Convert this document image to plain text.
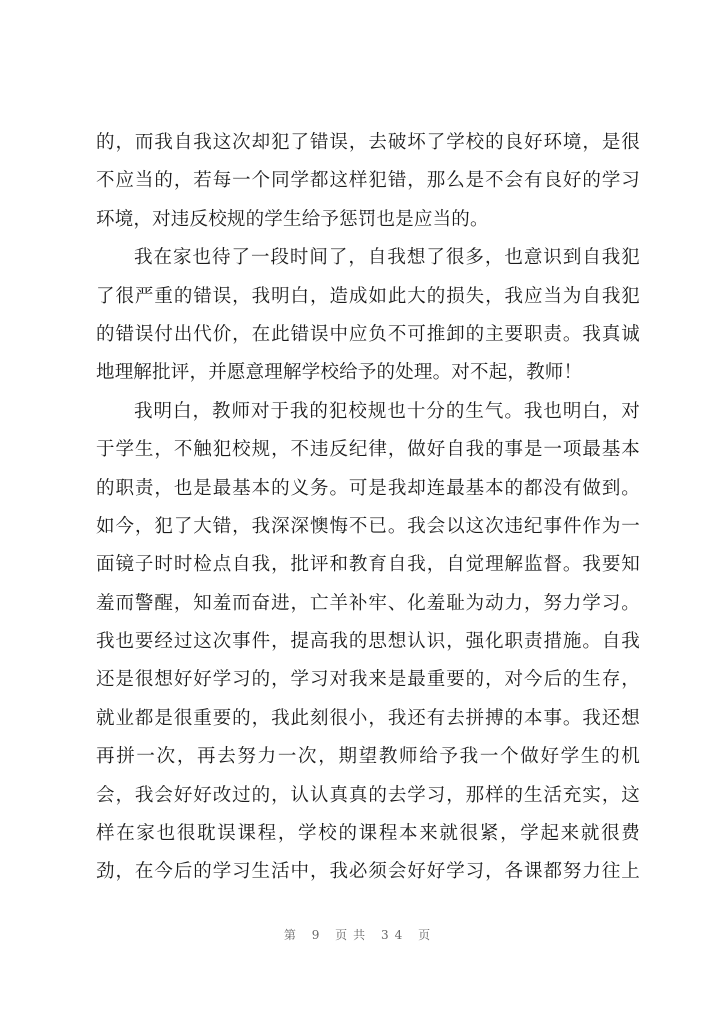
的，而我自我这次却犯了错误，去破坏了学校的良好环境，是很
不应当的，若每一个同学都这样犯错，那么是不会有良好的学习
环境，对违反校规的学生给予惩罚也是应当的。
我在家也待了一段时间了，自我想了很多，也意识到自我犯
了很严重的错误，我明白，造成如此大的损失，我应当为自我犯
的错误付出代价，在此错误中应负不可推卸的主要职责。我真诚
地理解批评，并愿意理解学校给予的处理。对不起，教师！
我明白，教师对于我的犯校规也十分的生气。我也明白，对
于学生，不触犯校规，不违反纪律，做好自我的事是一项最基本
的职责，也是最基本的义务。可是我却连最基本的都没有做到。
如今，犯了大错，我深深懊悔不已。我会以这次违纪事件作为一
面镜子时时检点自我，批评和教育自我，自觉理解监督。我要知
羞而警醒，知羞而奋进，亡羊补牢、化羞耻为动力，努力学习。
我也要经过这次事件，提高我的思想认识，强化职责措施。自我
还是很想好好学习的，学习对我来是最重要的，对今后的生存，
就业都是很重要的，我此刻很小，我还有去拼搏的本事。我还想
再拼一次，再去努力一次，期望教师给予我一个做好学生的机
会，我会好好改过的，认认真真的去学习，那样的生活充实，这
样在家也很耽误课程，学校的课程本来就很紧，学起来就很费
劲，在今后的学习生活中，我必须会好好学习，各课都努力往上
第 9 页共 34 页
